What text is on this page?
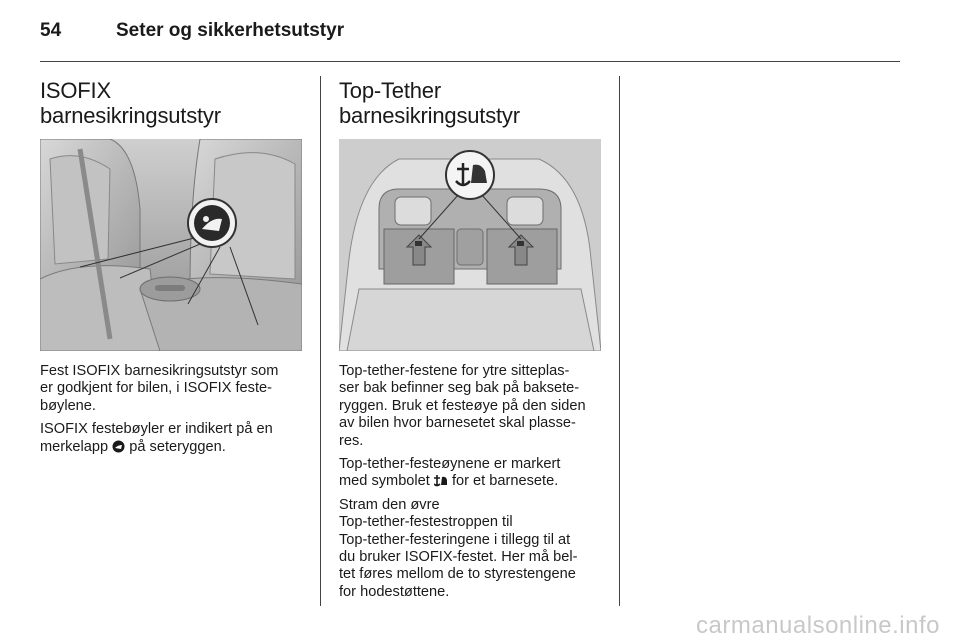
54	Seter og sikkerhetsutstyr
ISOFIX
barnesikringsutstyr

Fest ISOFIX barnesikringsutstyr som
er godkjent for bilen, i ISOFIX feste-
bøylene.

ISOFIX festebøyler er indikert på en
merkelapp på seteryggen.

Top-Tether
barnesikringsutstyr

Top-tether-festene for ytre sitteplas-
ser bak befinner seg bak på baksete-
ryggen. Bruk et festeøye på den siden
av bilen hvor barnesetet skal plasse-
res.

Top-tether-festeøynene er markert
med symbolet for et barnesete.

Stram den øvre
Top-tether-festestroppen til
Top-tether-festeringene i tillegg til at
du bruker ISOFIX-festet. Her må bel-
tet føres mellom de to styrestengene
for hodestøttene.

carmanualsonline.info
